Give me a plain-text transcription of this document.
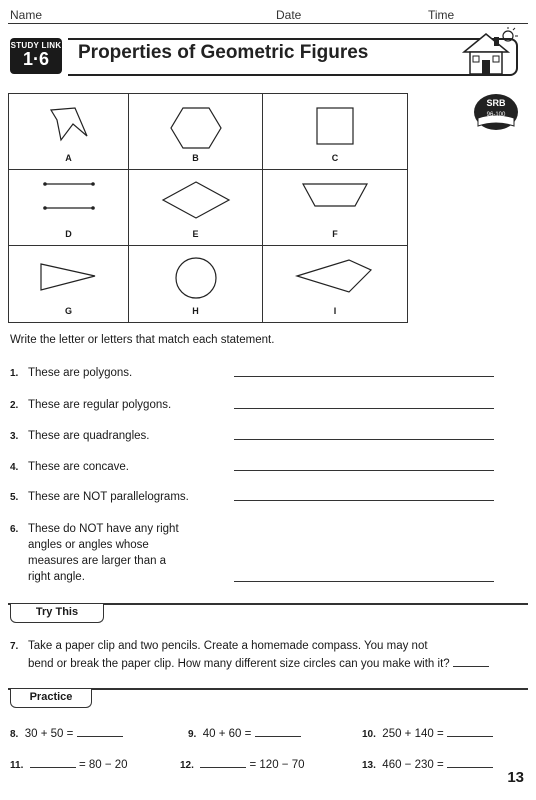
Name	Date	Time
STUDY LINK
1·6	Properties of Geometric Figures
SRB
96-100
A	B	C
D	E	F
G	H	I
Write the letter or letters that match each statement.
1. These are polygons.
2. These are regular polygons.
3. These are quadrangles.
4. These are concave.
5. These are NOT parallelograms.
6. These do NOT have any right
angles or angles whose
measures are larger than a
right angle.
Try This
7. Take a paper clip and two pencils. Create a homemade compass. You may not
bend or break the paper clip. How many different size circles can you make with it?
Practice
8. 30 + 50 =	9. 40 + 60 =	10. 250 + 140 =
11.	= 80 − 20	12.	= 120 − 70	13. 460 − 230 =
13
